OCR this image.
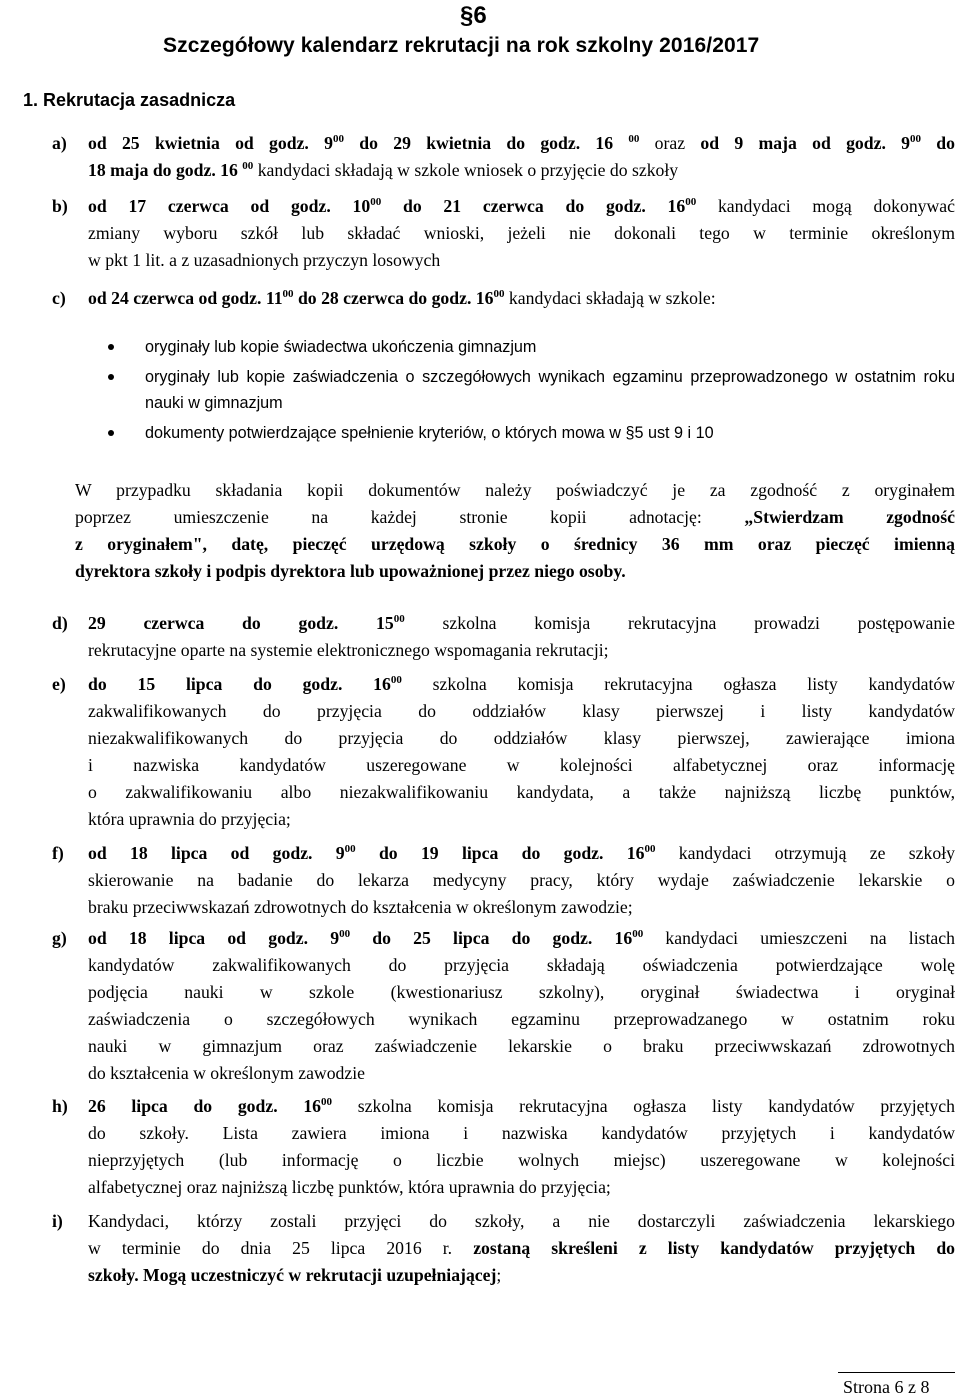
§6
Szczegółowy kalendarz rekrutacji na rok szkolny 2016/2017
1. Rekrutacja zasadnicza
a)	od 25 kwietnia od godz. $9^{00}$ do 29 kwietnia do godz. 16 $^{00}$ oraz od 9 maja od godz. $9^{00}$ do
18 maja do godz. 16 $^{00}$ kandydaci składają w szkole wniosek o przyjęcie do szkoły
b)	od 17 czerwca od godz. $10^{00}$ do 21 czerwca do godz. $16^{00}$ kandydaci mogą dokonywać
zmiany wyboru szkół lub składać wnioski, jeżeli nie dokonali tego w terminie określonym
w pkt 1 lit. a z uzasadnionych przyczyn losowych
c)	od 24 czerwca od godz. $11^{00}$ do 28 czerwca do godz. $16^{00}$ kandydaci składają w szkole:
oryginały lub kopie świadectwa ukończenia gimnazjum
oryginały lub kopie zaświadczenia o szczegółowych wynikach egzaminu przeprowadzonego w ostatnim roku nauki w gimnazjum
dokumenty potwierdzające spełnienie kryteriów, o których mowa w §5 ust 9 i 10
W przypadku składania kopii dokumentów należy poświadczyć je za zgodność z oryginałem
poprzez umieszczenie na każdej stronie kopii adnotację: „Stwierdzam zgodność
z oryginałem", datę, pieczęć urzędową szkoły o średnicy 36 mm oraz pieczęć imienną
dyrektora szkoły i podpis dyrektora lub upoważnionej przez niego osoby.
d)	29 czerwca do godz. $15^{00}$ szkolna komisja rekrutacyjna prowadzi postępowanie
rekrutacyjne oparte na systemie elektronicznego wspomagania rekrutacji;
e)	do 15 lipca do godz. $16^{00}$ szkolna komisja rekrutacyjna ogłasza listy kandydatów
zakwalifikowanych do przyjęcia do oddziałów klasy pierwszej i listy kandydatów
niezakwalifikowanych do przyjęcia do oddziałów klasy pierwszej, zawierające imiona
i nazwiska kandydatów uszeregowane w kolejności alfabetycznej oraz informację
o zakwalifikowaniu albo niezakwalifikowaniu kandydata, a także najniższą liczbę punktów,
która uprawnia do przyjęcia;
f)	od 18 lipca od godz. $9^{00}$ do 19 lipca do godz. $16^{00}$ kandydaci otrzymują ze szkoły
skierowanie na badanie do lekarza medycyny pracy, który wydaje zaświadczenie lekarskie o
braku przeciwwskazań zdrowotnych do kształcenia w określonym zawodzie;
g)	od 18 lipca od godz. $9^{00}$ do 25 lipca do godz. $16^{00}$ kandydaci umieszczeni na listach
kandydatów zakwalifikowanych do przyjęcia składają oświadczenia potwierdzające wolę
podjęcia nauki w szkole (kwestionariusz szkolny), oryginał świadectwa i oryginał
zaświadczenia o szczegółowych wynikach egzaminu przeprowadzanego w ostatnim roku
nauki w gimnazjum oraz zaświadczenie lekarskie o braku przeciwwskazań zdrowotnych
do kształcenia w określonym zawodzie
h)	26 lipca do godz. $16^{00}$ szkolna komisja rekrutacyjna ogłasza listy kandydatów przyjętych
do szkoły. Lista zawiera imiona i nazwiska kandydatów przyjętych i kandydatów
nieprzyjętych (lub informację o liczbie wolnych miejsc) uszeregowane w kolejności
alfabetycznej oraz najniższą liczbę punktów, która uprawnia do przyjęcia;
i)	Kandydaci, którzy zostali przyjęci do szkoły, a nie dostarczyli zaświadczenia lekarskiego
w terminie do dnia 25 lipca 2016 r. zostaną skreśleni z listy kandydatów przyjętych do
szkoły. Mogą uczestniczyć w rekrutacji uzupełniającej;
Strona 6 z 8
